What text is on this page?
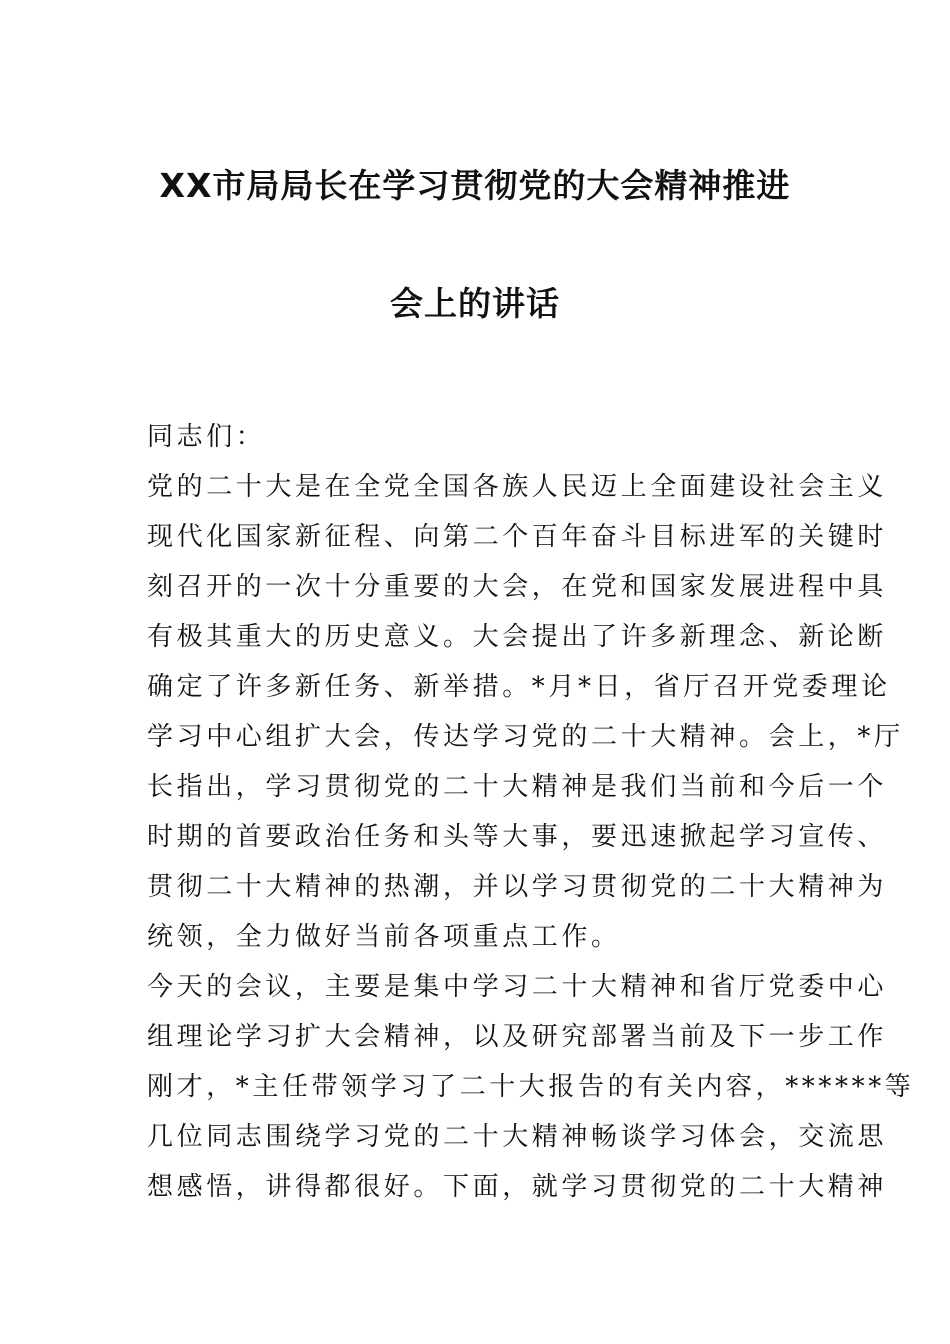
XX市局局长在学习贯彻党的大会精神推进
会上的讲话
同志们：
党的二十大是在全党全国各族人民迈上全面建设社会主义
现代化国家新征程、向第二个百年奋斗目标进军的关键时
刻召开的一次十分重要的大会，在党和国家发展进程中具
有极其重大的历史意义。大会提出了许多新理念、新论断
确定了许多新任务、新举措。*月*日，省厅召开党委理论
学习中心组扩大会，传达学习党的二十大精神。会上，*厅
长指出，学习贯彻党的二十大精神是我们当前和今后一个
时期的首要政治任务和头等大事，要迅速掀起学习宣传、
贯彻二十大精神的热潮，并以学习贯彻党的二十大精神为
统领，全力做好当前各项重点工作。
今天的会议，主要是集中学习二十大精神和省厅党委中心
组理论学习扩大会精神，以及研究部署当前及下一步工作
刚才，*主任带领学习了二十大报告的有关内容，******等
几位同志围绕学习党的二十大精神畅谈学习体会，交流思
想感悟，讲得都很好。下面，就学习贯彻党的二十大精神
